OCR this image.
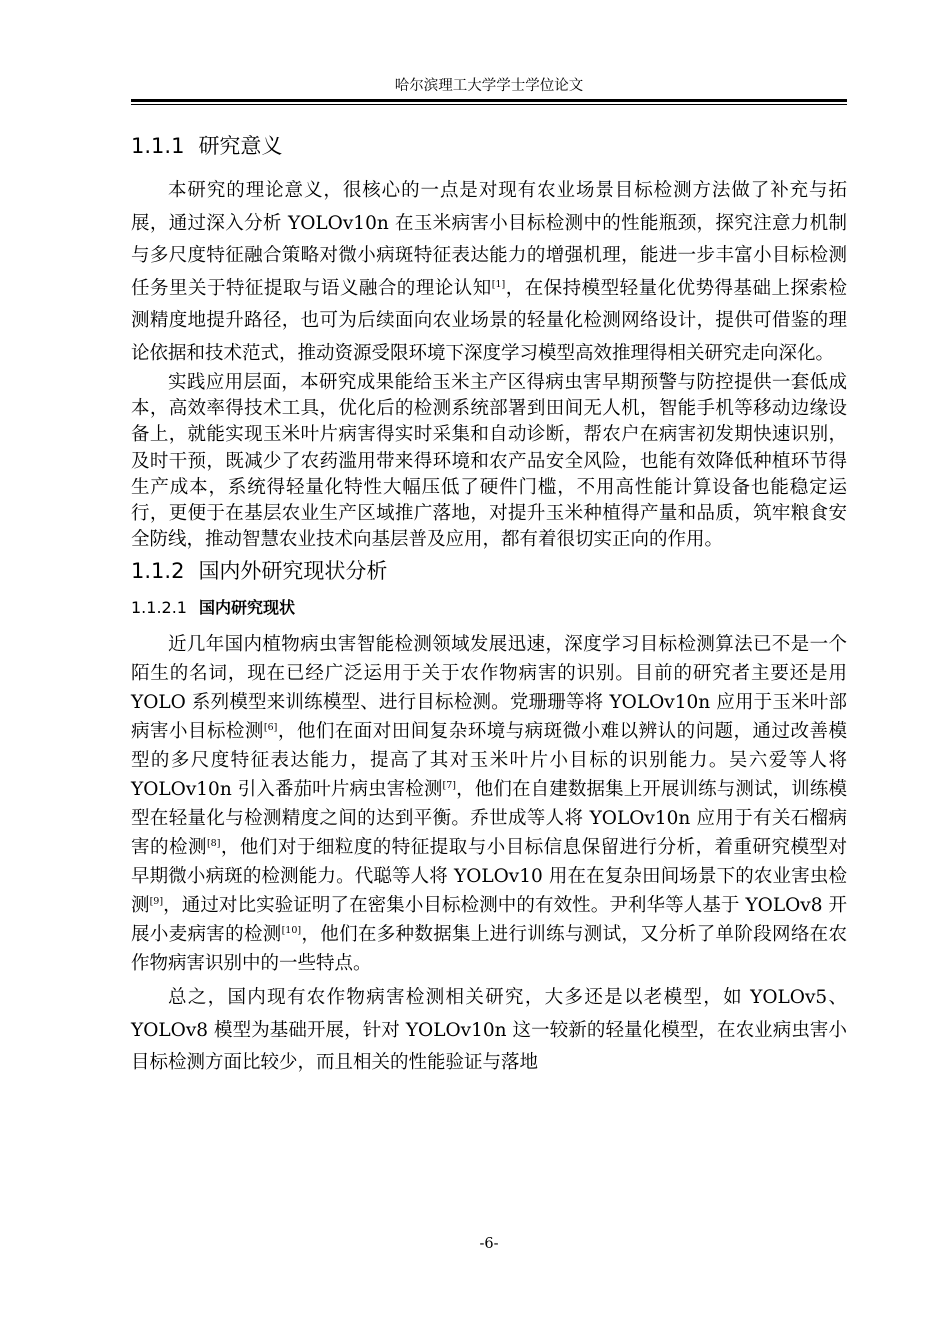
哈尔滨理工大学学士学位论文
1.1.1 研究意义

本研究的理论意义，很核心的一点是对现有农业场景目标检测方法做了补充与拓展，通过深入分析 YOLOv10n 在玉米病害小目标检测中的性能瓶颈，探究注意力机制与多尺度特征融合策略对微小病斑特征表达能力的增强机理，能进一步丰富小目标检测任务里关于特征提取与语义融合的理论认知[1]，在保持模型轻量化优势得基础上探索检测精度地提升路径，也可为后续面向农业场景的轻量化检测网络设计，提供可借鉴的理论依据和技术范式，推动资源受限环境下深度学习模型高效推理得相关研究走向深化。

实践应用层面，本研究成果能给玉米主产区得病虫害早期预警与防控提供一套低成本，高效率得技术工具，优化后的检测系统部署到田间无人机，智能手机等移动边缘设备上，就能实现玉米叶片病害得实时采集和自动诊断，帮农户在病害初发期快速识别，及时干预，既减少了农药滥用带来得环境和农产品安全风险，也能有效降低种植环节得生产成本，系统得轻量化特性大幅压低了硬件门槛，不用高性能计算设备也能稳定运行，更便于在基层农业生产区域推广落地，对提升玉米种植得产量和品质，筑牢粮食安全防线，推动智慧农业技术向基层普及应用，都有着很切实正向的作用。

1.1.2 国内外研究现状分析
1.1.2.1 国内研究现状

近几年国内植物病虫害智能检测领域发展迅速，深度学习目标检测算法已不是一个陌生的名词，现在已经广泛运用于关于农作物病害的识别。目前的研究者主要还是用 YOLO 系列模型来训练模型、进行目标检测。党珊珊等将 YOLOv10n 应用于玉米叶部病害小目标检测[6]，他们在面对田间复杂环境与病斑微小难以辨认的问题，通过改善模型的多尺度特征表达能力，提高了其对玉米叶片小目标的识别能力。吴六爱等人将 YOLOv10n 引入番茄叶片病虫害检测[7]，他们在自建数据集上开展训练与测试，训练模型在轻量化与检测精度之间的达到平衡。乔世成等人将 YOLOv10n 应用于有关石榴病害的检测[8]，他们对于细粒度的特征提取与小目标信息保留进行分析，着重研究模型对早期微小病斑的检测能力。代聪等人将 YOLOv10 用在在复杂田间场景下的农业害虫检测[9]，通过对比实验证明了在密集小目标检测中的有效性。尹利华等人基于 YOLOv8 开展小麦病害的检测[10]，他们在多种数据集上进行训练与测试，又分析了单阶段网络在农作物病害识别中的一些特点。

总之，国内现有农作物病害检测相关研究，大多还是以老模型，如 YOLOv5、YOLOv8 模型为基础开展，针对 YOLOv10n 这一较新的轻量化模型，在农业病虫害小目标检测方面比较少，而且相关的性能验证与落地

-6-
